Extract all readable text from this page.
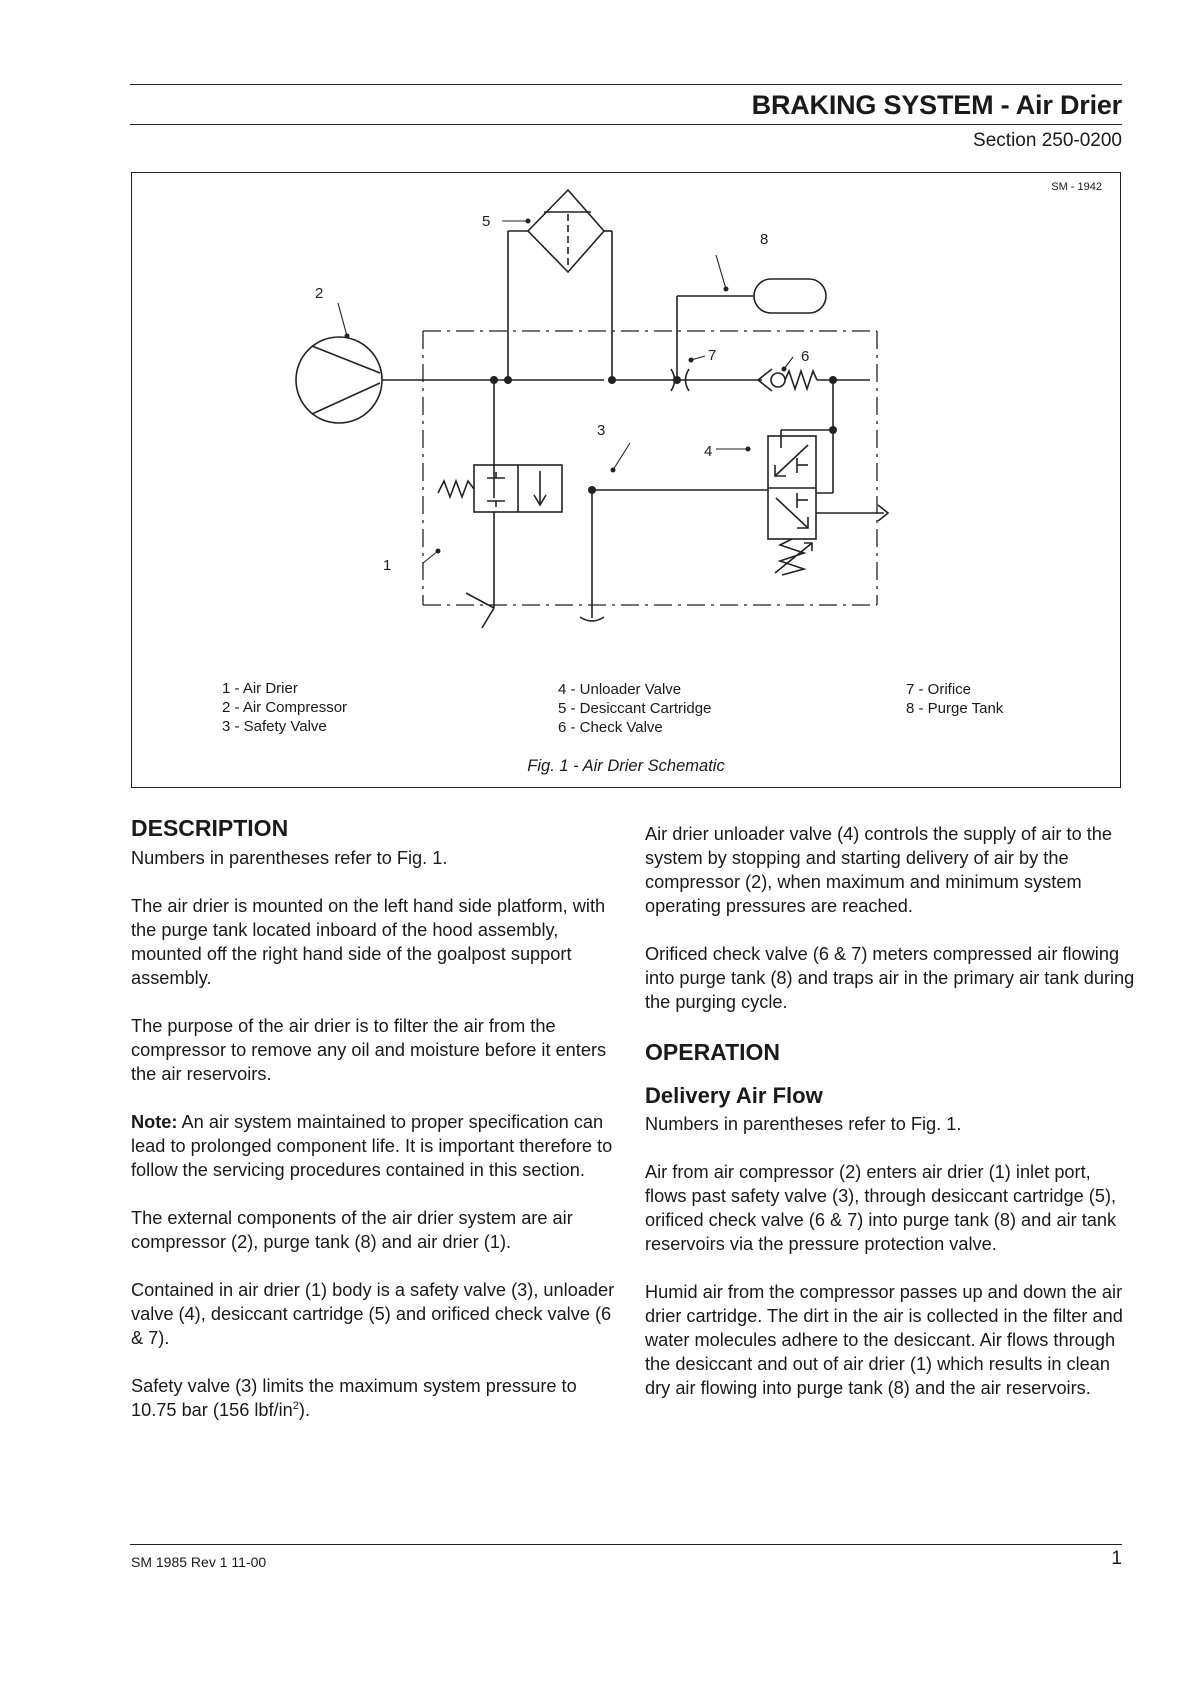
BRAKING SYSTEM - Air Drier
Section 250-0200
SM - 1942
1
2
3
4
5
6
7
8
1 - Air Drier
2 - Air Compressor
3 - Safety Valve
4 - Unloader Valve
5 - Desiccant Cartridge
6 - Check Valve
7 - Orifice
8 - Purge Tank
Fig. 1 - Air Drier Schematic
DESCRIPTION

Numbers in parentheses refer to Fig. 1.

The air drier is mounted on the left hand side platform, with the purge tank located inboard of the hood assembly, mounted off the right hand side of the goalpost support assembly.

The purpose of the air drier is to filter the air from the compressor to remove any oil and moisture before it enters the air reservoirs.

Note: An air system maintained to proper specification can lead to prolonged component life. It is important therefore to follow the servicing procedures contained in this section.

The external components of the air drier system are air compressor (2), purge tank (8) and air drier (1).

Contained in air drier (1) body is a safety valve (3), unloader valve (4), desiccant cartridge (5) and orificed check valve (6 & 7).

Safety valve (3) limits the maximum system pressure to 10.75 bar (156 lbf/$in^2$).

Air drier unloader valve (4) controls the supply of air to the system by stopping and starting delivery of air by the compressor (2), when maximum and minimum system operating pressures are reached.

Orificed check valve (6 & 7) meters compressed air flowing into purge tank (8) and traps air in the primary air tank during the purging cycle.

OPERATION
Delivery Air Flow

Numbers in parentheses refer to Fig. 1.

Air from air compressor (2) enters air drier (1) inlet port, flows past safety valve (3), through desiccant cartridge (5), orificed check valve (6 & 7) into purge tank (8) and air tank reservoirs via the pressure protection valve.

Humid air from the compressor passes up and down the air drier cartridge. The dirt in the air is collected in the filter and water molecules adhere to the desiccant. Air flows through the desiccant and out of air drier (1) which results in clean dry air flowing into purge tank (8) and the air reservoirs.

SM 1985 Rev 1 11-00	1
